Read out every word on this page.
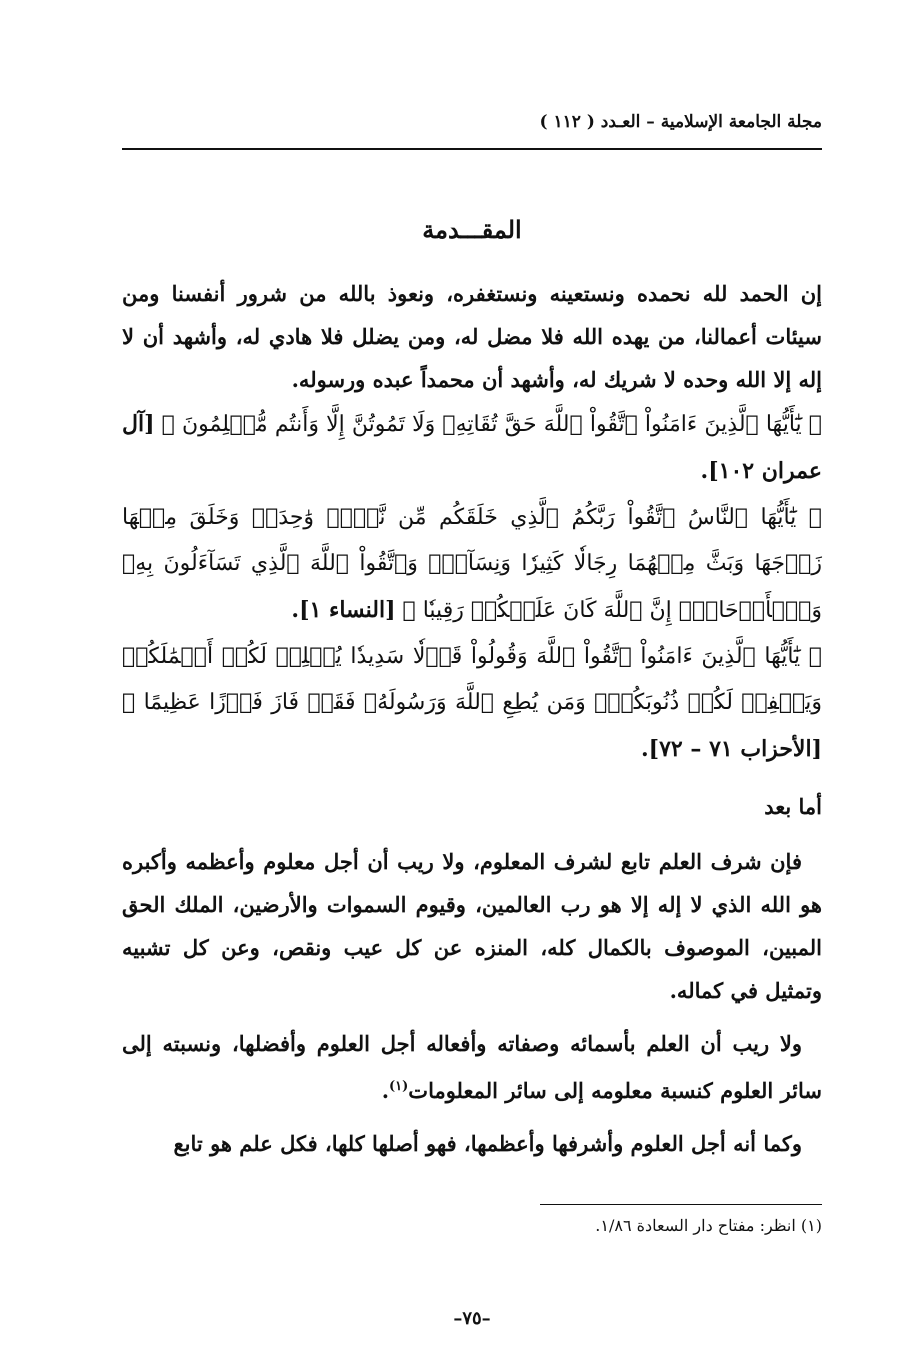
مجلة الجامعة الإسلامية – العـدد ( ١١٢ )
المقـــدمة

إن الحمد لله نحمده ونستعينه ونستغفره، ونعوذ بالله من شرور أنفسنا ومن سيئات أعمالنا، من يهده الله فلا مضل له، ومن يضلل فلا هادي له، وأشهد أن لا إله إلا الله وحده لا شريك له، وأشهد أن محمداً عبده ورسوله.

﴿ يَٰٓأَيُّهَا ٱلَّذِينَ ءَامَنُواْ ٱتَّقُواْ ٱللَّهَ حَقَّ تُقَاتِهِۦ وَلَا تَمُوتُنَّ إِلَّا وَأَنتُم مُّسۡلِمُونَ ﴾ [آل عمران ١٠٢].

﴿ يَٰٓأَيُّهَا ٱلنَّاسُ ٱتَّقُواْ رَبَّكُمُ ٱلَّذِي خَلَقَكُم مِّن نَّفۡسٖ وَٰحِدَةٖ وَخَلَقَ مِنۡهَا زَوۡجَهَا وَبَثَّ مِنۡهُمَا رِجَالٗا كَثِيرٗا وَنِسَآءٗۚ وَٱتَّقُواْ ٱللَّهَ ٱلَّذِي تَسَآءَلُونَ بِهِۦ وَٱلۡأَرۡحَامَۚ إِنَّ ٱللَّهَ كَانَ عَلَيۡكُمۡ رَقِيبٗا ﴾ [النساء ١].

﴿ يَٰٓأَيُّهَا ٱلَّذِينَ ءَامَنُواْ ٱتَّقُواْ ٱللَّهَ وَقُولُواْ قَوۡلٗا سَدِيدٗا يُصۡلِحۡ لَكُمۡ أَعۡمَٰلَكُمۡ وَيَغۡفِرۡ لَكُمۡ ذُنُوبَكُمۡۗ وَمَن يُطِعِ ٱللَّهَ وَرَسُولَهُۥ فَقَدۡ فَازَ فَوۡزًا عَظِيمًا ﴾ [الأحزاب ٧١ – ٧٢].

أما بعد

فإن شرف العلم تابع لشرف المعلوم، ولا ريب أن أجل معلوم وأعظمه وأكبره هو الله الذي لا إله إلا هو رب العالمين، وقيوم السموات والأرضين، الملك الحق المبين، الموصوف بالكمال كله، المنزه عن كل عيب ونقص، وعن كل تشبيه وتمثيل في كماله.

ولا ريب أن العلم بأسمائه وصفاته وأفعاله أجل العلوم وأفضلها، ونسبته إلى سائر العلوم كنسبة معلومه إلى سائر المعلومات$^{(١)}$.

وكما أنه أجل العلوم وأشرفها وأعظمها، فهو أصلها كلها، فكل علم هو تابع

(١) انظر: مفتاح دار السعادة ١/٨٦.
–٧٥–
